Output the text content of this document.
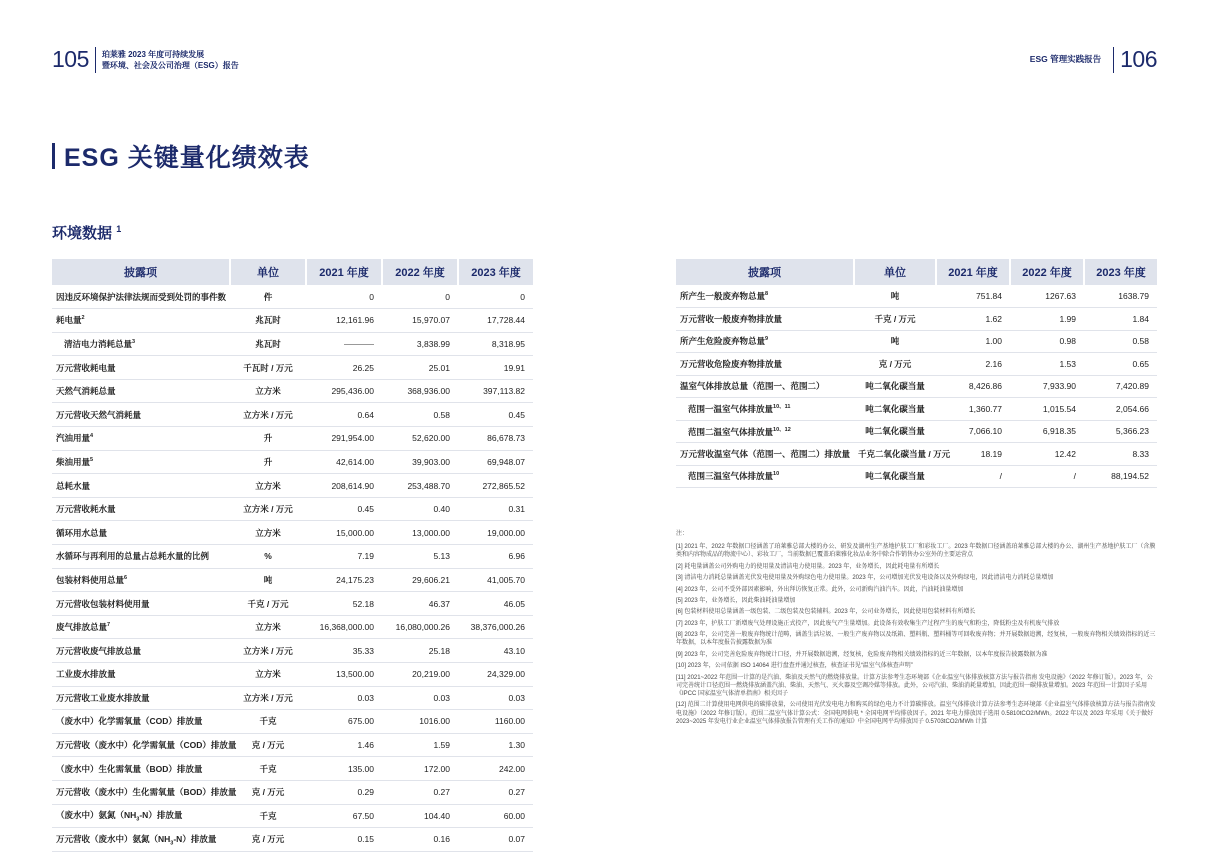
105 珀莱雅 2023 年度可持续发展
暨环境、社会及公司治理（ESG）报告
ESG 管理实践报告 106
ESG 关键量化绩效表
环境数据 $^1$
披露项	单位	2021 年度	2022 年度	2023 年度
因违反环境保护法律法规而受到处罚的事件数	件	0	0	0
耗电量$^2$	兆瓦时	12,161.96	15,970.07	17,728.44
清洁电力消耗总量$^3$	兆瓦时		3,838.99	8,318.95
万元营收耗电量	千瓦时 / 万元	26.25	25.01	19.91
天然气消耗总量	立方米	295,436.00	368,936.00	397,113.82
万元营收天然气消耗量	立方米 / 万元	0.64	0.58	0.45
汽油用量$^4$	升	291,954.00	52,620.00	86,678.73
柴油用量$^5$	升	42,614.00	39,903.00	69,948.07
总耗水量	立方米	208,614.90	253,488.70	272,865.52
万元营收耗水量	立方米 / 万元	0.45	0.40	0.31
循环用水总量	立方米	15,000.00	13,000.00	19,000.00
水循环与再利用的总量占总耗水量的比例	%	7.19	5.13	6.96
包装材料使用总量$^6$	吨	24,175.23	29,606.21	41,005.70
万元营收包装材料使用量	千克 / 万元	52.18	46.37	46.05
废气排放总量$^7$	立方米	16,368,000.00	16,080,000.26	38,376,000.26
万元营收废气排放总量	立方米 / 万元	35.33	25.18	43.10
工业废水排放量	立方米	13,500.00	20,219.00	24,329.00
万元营收工业废水排放量	立方米 / 万元	0.03	0.03	0.03
（废水中）化学需氧量（COD）排放量	千克	675.00	1016.00	1160.00
万元营收（废水中）化学需氧量（COD）排放量	克 / 万元	1.46	1.59	1.30
（废水中）生化需氧量（BOD）排放量	千克	135.00	172.00	242.00
万元营收（废水中）生化需氧量（BOD）排放量	克 / 万元	0.29	0.27	0.27
（废水中）氨氮$(NH_3-N)$排放量	千克	67.50	104.40	60.00
万元营收（废水中）氨氮$(NH_3-N)$排放量	克 / 万元	0.15	0.16	0.07
披露项	单位	2021 年度	2022 年度	2023 年度
所产生一般废弃物总量$^8$	吨	751.84	1267.63	1638.79
万元营收一般废弃物排放量	千克 / 万元	1.62	1.99	1.84
所产生危险废弃物总量$^9$	吨	1.00	0.98	0.58
万元营收危险废弃物排放量	克 / 万元	2.16	1.53	0.65
温室气体排放总量（范围一、范围二）	吨二氧化碳当量	8,426.86	7,933.90	7,420.89
范围一温室气体排放量$^{10、11}$	吨二氧化碳当量	1,360.77	1,015.54	2,054.66
范围二温室气体排放量$^{10、12}$	吨二氧化碳当量	7,066.10	6,918.35	5,366.23
万元营收温室气体（范围一、范围二）排放量	千克二氧化碳当量 / 万元	18.19	12.42	8.33
范围三温室气体排放量$^{10}$	吨二氧化碳当量	/	/	88,194.52

注：

[1] 2021 年、2022 年数据口径涵盖了珀莱雅总部大楼的办公、研发及湖州生产基地护肤工厂和彩妆工厂。2023 年数据口径涵盖珀莱雅总部大楼的办公、湖州生产基地护肤工厂（含膜类和内容物成品的物流中心）、彩妆工厂，当前数据已覆盖珀莱雅化妆品业务中除合作销售办公室外的主要运营点

[2] 耗电量涵盖公司外购电力的使用量及清洁电力使用量。2023 年，业务增长，因此耗电量有所增长

[3] 清洁电力消耗总量涵盖光伏发电使用量及外购绿色电力使用量。2023 年，公司增加光伏发电设备以及外购绿电，因此清洁电力消耗总量增加

[4] 2023 年，公司不受外部因素影响，外出拜访恢复正常。此外，公司新购汽油汽车。因此，汽油耗油量增加

[5] 2023 年，业务增长，因此柴油耗油量增加

[6] 包装材料使用总量涵盖一级包装、二级包装及包装辅料。2023 年，公司业务增长，因此使用包装材料有所增长

[7] 2023 年，护肤工厂新增废气处理设施正式投产，因此废气产生量增加。此设备有效收集生产过程产生的废气和粉尘，降低粉尘及有机废气排放

[8] 2023 年，公司完善一般废弃物统计范畴，涵盖生活垃圾、一般生产废弃物以及纸箱、塑料瓶、塑料桶等可回收废弃物；并开展数据追溯，经复核，一般废弃物相关绩效指标的近三年数据，以本年度报告披露数据为准

[9] 2023 年，公司完善危险废弃物统计口径，并开展数据追溯，经复核，危险废弃物相关绩效指标的近三年数据，以本年度报告披露数据为准

[10] 2023 年，公司依据 ISO 14064 进行盘查并通过核查，核查证书见“温室气体核查声明”

[11] 2021~2022 年范围一计算的是汽油、柴油及天然气的燃烧排放量。计算方法参考生态环境部《企业温室气体排放核算方法与报告指南 发电设施》（2022 年修订版）。2023 年，公司完善统计口径范围一燃烧排放涵盖汽油、柴油、天然气、灭火器及空调冷媒等排放。此外，公司汽油、柴油消耗量增加，因此范围一碳排放量增加。2023 年范围一计算因子采用《IPCC 国家温室气体清单指南》相关因子

[12] 范围二计算使用电网供电的碳排放量，公司使用光伏发电电力和购买的绿色电力不计算碳排放。温室气体排放计算方法参考生态环境部《企业温室气体排放核算方法与报告指南发电设施》（2022 年修订版）。范围二温室气体计算公式：全国电网供电 * 全国电网平均排放因子。2021 年电力排放因子选用 0.5810tCO2/MWh。2022 年以及 2023 年采用《关于做好 2023~2025 年发电行业企业温室气体排放报告管理有关工作的通知》中全国电网平均排放因子 0.5703tCO2/MWh 计算
